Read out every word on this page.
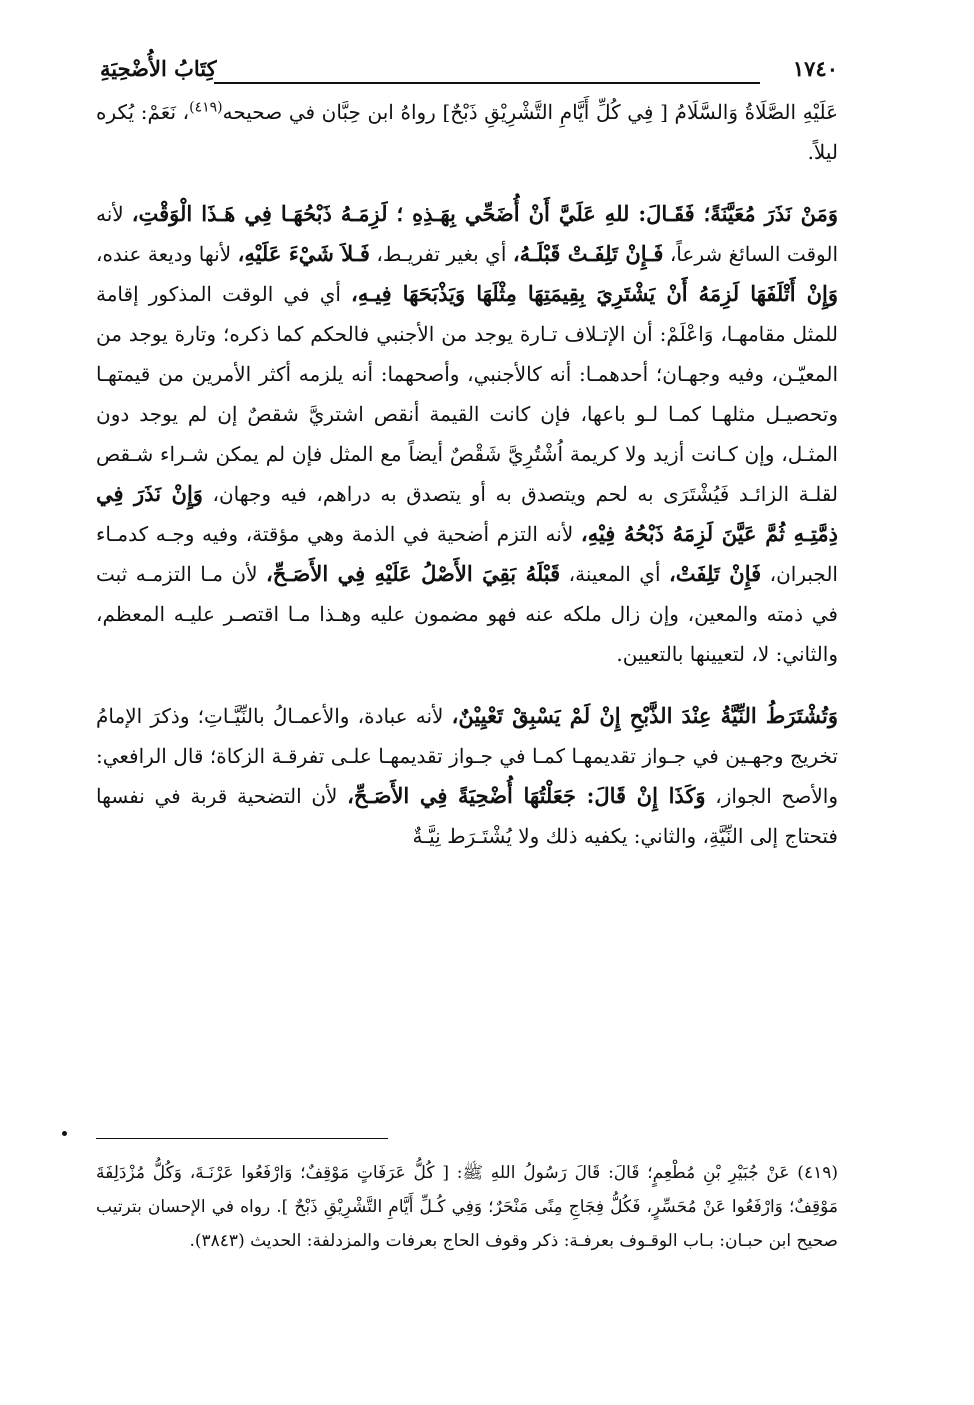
١٧٤٠
كِتَابُ الأُضْحِيَةِ

عَلَيْهِ الصَّلَاةُ وَالسَّلَامُ [ فِي كُلِّ أَيَّامِ التَّشْرِيْقِ ذَبْحٌ] رواهُ ابن حِبَّان في صحيحه$^{(٤١٩)}$، نَعَمْ: يُكره ليلاً.

وَمَنْ نَذَرَ مُعَيَّنَةً؛ فَقَـالَ: للهِ عَلَيَّ أَنْ أُضَحِّي بِهَـذِهِ ؛ لَزِمَـهُ ذَبْحُهَـا فِي هَـذَا الْوَقْتِ، لأنه الوقت السائغ شرعاً، فَـإِنْ تَلِفَـتْ قَبْلَـهُ، أي بغير تفريـط، فَـلاَ شَيْءَ عَلَيْهِ، لأنها وديعة عنده، وَإِنْ أَتْلَفَهَا لَزِمَهُ أَنْ يَشْتَرِيَ بِقِيمَتِهَا مِثْلَهَا وَيَذْبَحَهَا فِيـهِ، أي في الوقت المذكور إقامة للمثل مقامهـا، وَاعْلَمْ: أن الإتـلاف تـارة يوجد من الأجنبي فالحكم كما ذكره؛ وتارة يوجد من المعيّـن، وفيه وجهـان؛ أحدهمـا: أنه كالأجنبي، وأصحهما: أنه يلزمه أكثر الأمرين من قيمتهـا وتحصيـل مثلهـا كمـا لـو باعها، فإن كانت القيمة أنقص اشتريَّ شقصٌ إن لم يوجد دون المثـل، وإن كـانت أزيد ولا كريمة اُشْتُرِيَّ شَقْصٌ أيضاً مع المثل فإن لم يمكن شـراء شـقص لقلـة الزائـد فَيُشْتَرَى به لحم ويتصدق به أو يتصدق به دراهم، فيه وجهان، وَإِنْ نَذَرَ فِي ذِمَّتِـهِ ثُمَّ عَيَّنَ لَزِمَهُ ذَبْحُهُ فِيْهِ، لأنه التزم أضحية في الذمة وهي مؤقتة، وفيه وجـه كدمـاء الجبران، فَإِنْ تَلِفَتْ، أي المعينة، قَبْلَهُ بَقِيَ الأَصْلُ عَلَيْهِ فِي الأَصَـحِّ، لأن مـا التزمـه ثبت في ذمته والمعين، وإن زال ملكه عنه فهو مضمون عليه وهـذا مـا اقتصـر عليـه المعظم، والثاني: لا، لتعيينها بالتعيين.

وَتُشْتَرَطُ النِّيَّةُ عِنْدَ الذَّبْحِ إِنْ لَمْ يَسْبِقْ تَعْيِيْنٌ، لأنه عبادة، والأعمـالُ بالنِّيَّـاتِ؛ وذكرَ الإمامُ تخريج وجهـين في جـواز تقديمهـا كمـا في جـواز تقديمهـا علـى تفرقـة الزكاة؛ قال الرافعي: والأصح الجواز، وَكَذَا إِنْ قَالَ: جَعَلْتُهَا أُضْحِيَةً فِي الأَصَـحِّ، لأن التضحية قربة في نفسها فتحتاج إلى النِّيَّةِ، والثاني: يكفيه ذلك ولا يُشْتَـرَط نِيَّـةٌ

(٤١٩) عَنْ جُبَيْرِ بْنِ مُطْعِمٍ؛ قَالَ: قَالَ رَسُولُ اللهِ ﷺ: [ كُلُّ عَرَفَاتٍ مَوْقِفٌ؛ وَارْفَعُوا عَرْنَـةَ، وَكُلُّ مُزْدَلِفَةَ مَوْقِفٌ؛ وَارْفَعُوا عَنْ مُحَسِّرٍ، فَكُلُّ فِجَاجِ مِنًى مَنْحَرٌ؛ وَفِي كُـلِّ أَيَّامِ التَّشْرِيْقِ ذَبْحٌ ]. رواه في الإحسان بترتيب صحيح ابن حبـان: بـاب الوقـوف بعرفـة: ذكر وقوف الحاج بعرفات والمزدلفة: الحديث (٣٨٤٣).
